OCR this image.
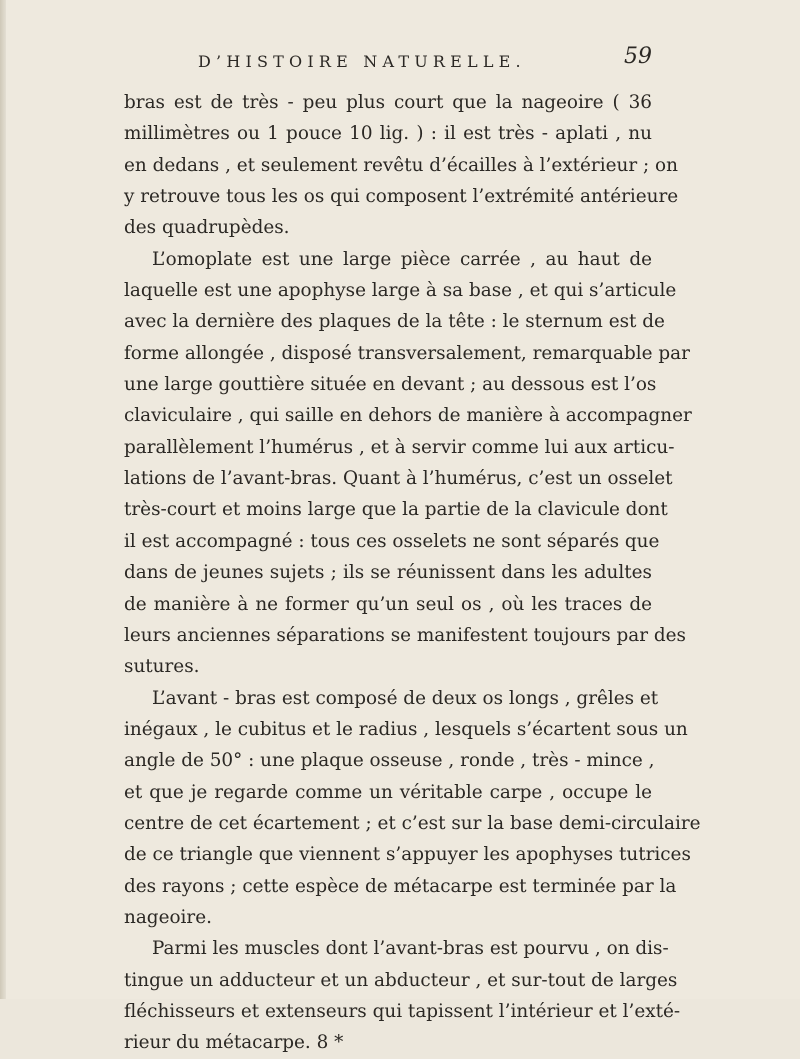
D’HISTOIRE NATURELLE.	59
bras est de très - peu plus court que la nageoire ( 36
millimètres ou 1 pouce 10 lig. ) : il est très - aplati , nu
en dedans , et seulement revêtu d’écailles à l’extérieur ; on
y retrouve tous les os qui composent l’extrémité antérieure
des quadrupèdes.
L’omoplate est une large pièce carrée , au haut de
laquelle est une apophyse large à sa base , et qui s’articule
avec la dernière des plaques de la tête : le sternum est de
forme allongée , disposé transversalement, remarquable par
une large gouttière située en devant ; au dessous est l’os
claviculaire , qui saille en dehors de manière à accompagner
parallèlement l’humérus , et à servir comme lui aux articu-
lations de l’avant-bras. Quant à l’humérus, c’est un osselet
très-court et moins large que la partie de la clavicule dont
il est accompagné : tous ces osselets ne sont séparés que
dans de jeunes sujets ; ils se réunissent dans les adultes
de manière à ne former qu’un seul os , où les traces de
leurs anciennes séparations se manifestent toujours par des
sutures.
L’avant - bras est composé de deux os longs , grêles et
inégaux , le cubitus et le radius , lesquels s’écartent sous un
angle de 50° : une plaque osseuse , ronde , très - mince ,
et que je regarde comme un véritable carpe , occupe le
centre de cet écartement ; et c’est sur la base demi-circulaire
de ce triangle que viennent s’appuyer les apophyses tutrices
des rayons ; cette espèce de métacarpe est terminée par la
nageoire.
Parmi les muscles dont l’avant-bras est pourvu , on dis-
tingue un adducteur et un abducteur , et sur-tout de larges
fléchisseurs et extenseurs qui tapissent l’intérieur et l’exté-
rieur du métacarpe. 8 *
